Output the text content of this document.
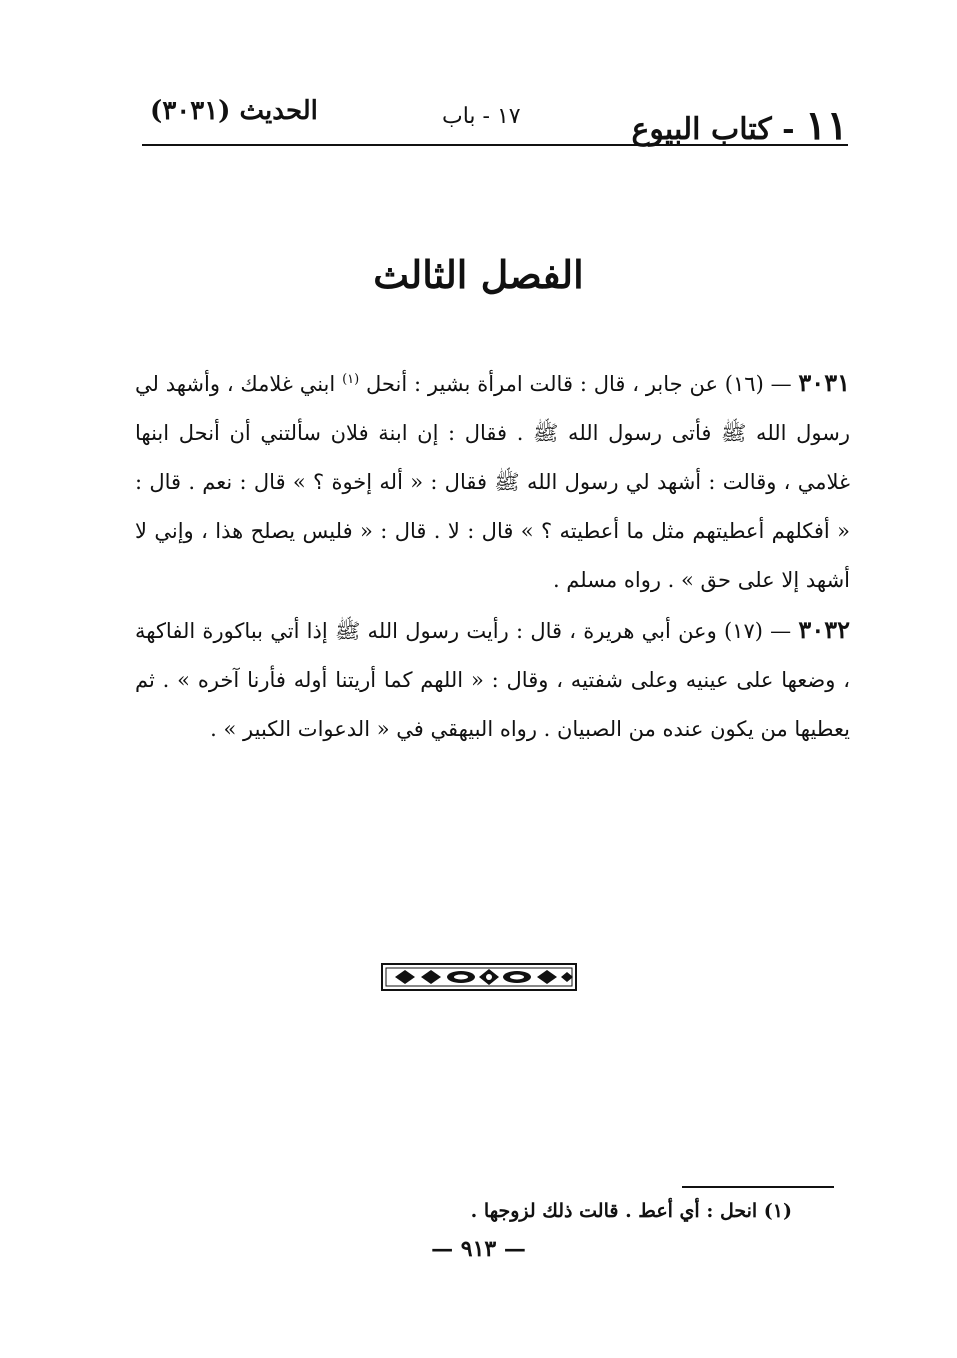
١١ - كتاب البيوع
١٧ - باب
الحديث (٣٠٣١)
الفصل الثالث

٣٠٣١ — (١٦) عن جابر ، قال : قالت امرأة بشير : أنحل $^{(١)}$ ابني غلامك ، وأشهد لي رسول الله ﷺ فأتى رسول الله ﷺ . فقال : إن ابنة فلان سألتني أن أنحل ابنها غلامي ، وقالت : أشهد لي رسول الله ﷺ فقال : « أله إخوة ؟ » قال : نعم . قال : « أفكلهم أعطيتهم مثل ما أعطيته ؟ » قال : لا . قال : « فليس يصلح هذا ، وإني لا أشهد إلا على حق » . رواه مسلم .

٣٠٣٢ — (١٧) وعن أبي هريرة ، قال : رأيت رسول الله ﷺ إذا أتي بباكورة الفاكهة ، وضعها على عينيه وعلى شفتيه ، وقال : « اللهم كما أريتنا أوله فأرنا آخره » . ثم يعطيها من يكون عنده من الصبيان . رواه البيهقي في « الدعوات الكبير » .

(١) انحل : أي أعط . قالت ذلك لزوجها .
— ٩١٣ —
